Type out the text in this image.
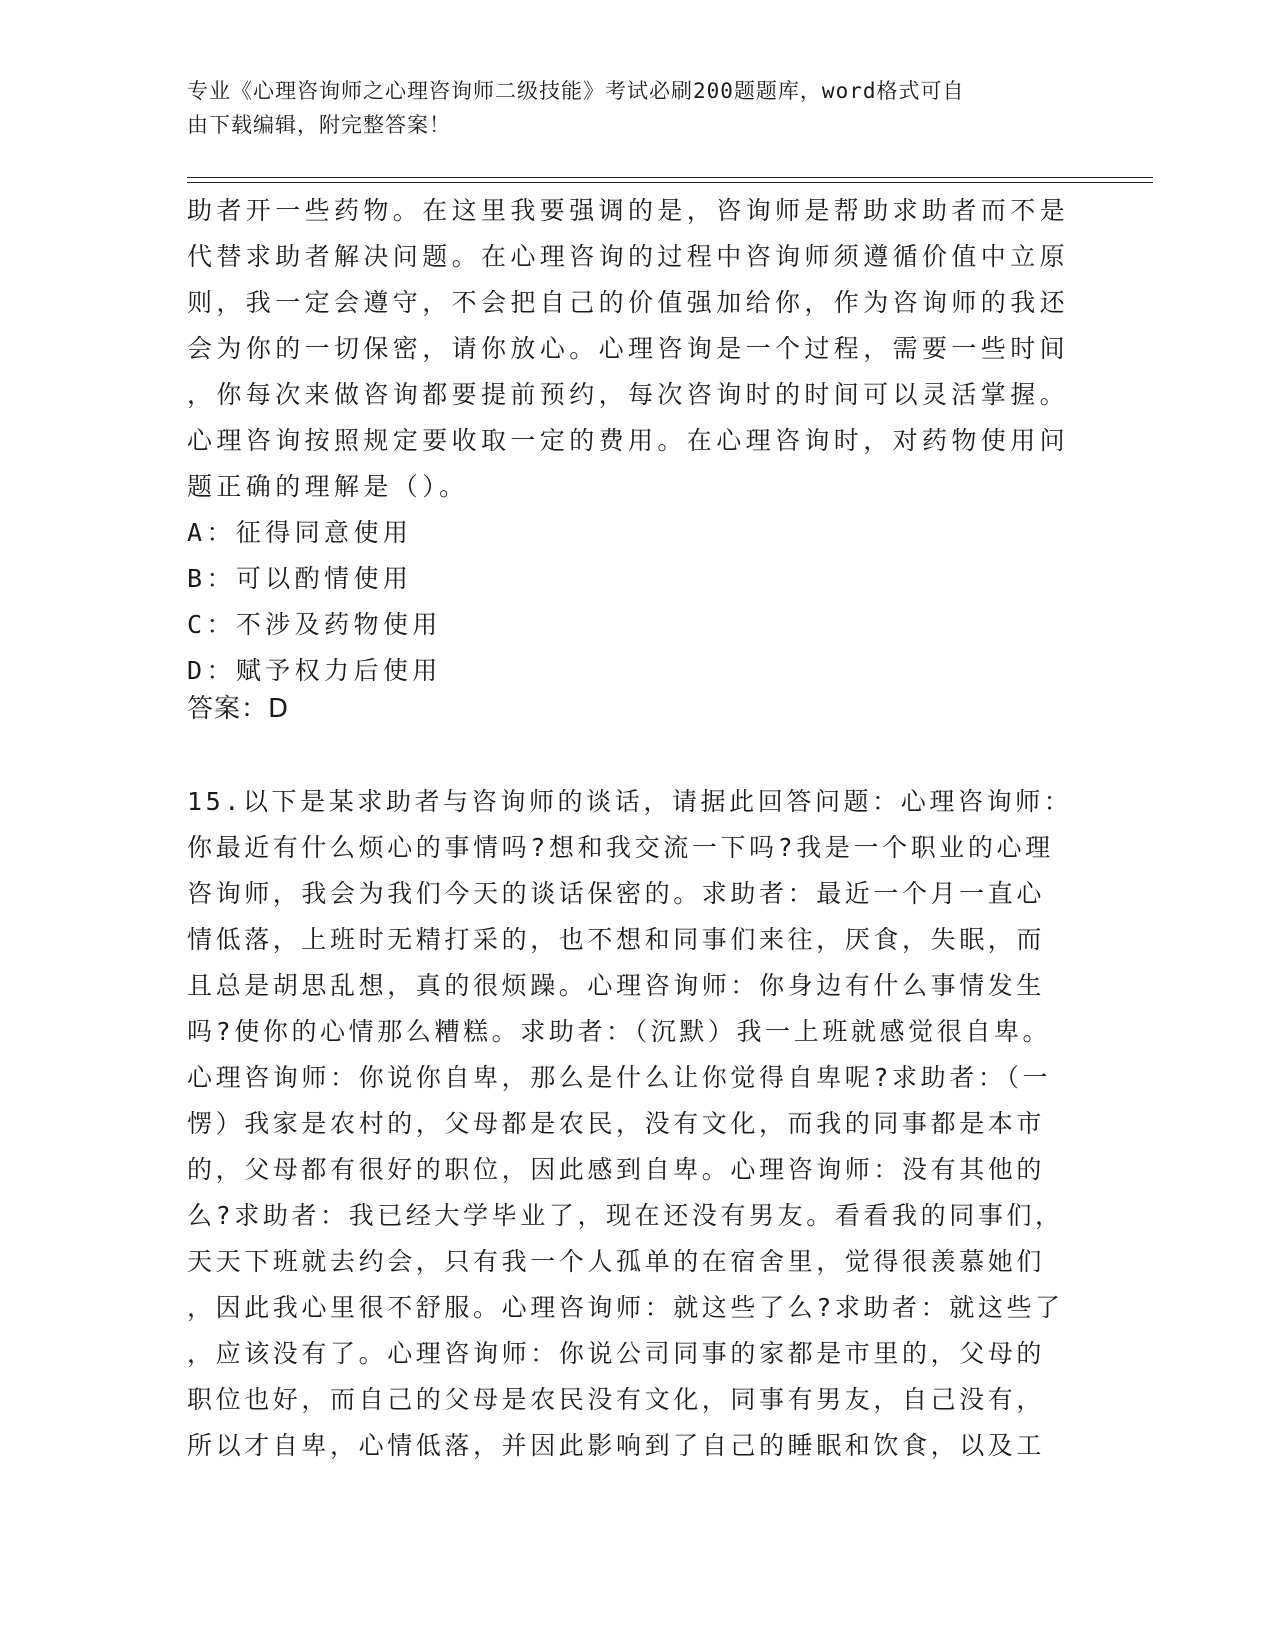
专业《心理咨询师之心理咨询师二级技能》考试必刷200题题库，word格式可自
由下载编辑，附完整答案！
助者开一些药物。在这里我要强调的是，咨询师是帮助求助者而不是
代替求助者解决问题。在心理咨询的过程中咨询师须遵循价值中立原
则，我一定会遵守，不会把自己的价值强加给你，作为咨询师的我还
会为你的一切保密，请你放心。心理咨询是一个过程，需要一些时间
，你每次来做咨询都要提前预约，每次咨询时的时间可以灵活掌握。
心理咨询按照规定要收取一定的费用。在心理咨询时，对药物使用问
题正确的理解是（）。
A：征得同意使用
B：可以酌情使用
C：不涉及药物使用
D：赋予权力后使用
答案：D
15.以下是某求助者与咨询师的谈话，请据此回答问题：心理咨询师：
你最近有什么烦心的事情吗?想和我交流一下吗?我是一个职业的心理
咨询师，我会为我们今天的谈话保密的。求助者：最近一个月一直心
情低落，上班时无精打采的，也不想和同事们来往，厌食，失眠，而
且总是胡思乱想，真的很烦躁。心理咨询师：你身边有什么事情发生
吗?使你的心情那么糟糕。求助者：（沉默）我一上班就感觉很自卑。
心理咨询师：你说你自卑，那么是什么让你觉得自卑呢?求助者：（一
愣）我家是农村的，父母都是农民，没有文化，而我的同事都是本市
的，父母都有很好的职位，因此感到自卑。心理咨询师：没有其他的
么?求助者：我已经大学毕业了，现在还没有男友。看看我的同事们，
天天下班就去约会，只有我一个人孤单的在宿舍里，觉得很羡慕她们
，因此我心里很不舒服。心理咨询师：就这些了么?求助者：就这些了
，应该没有了。心理咨询师：你说公司同事的家都是市里的，父母的
职位也好，而自己的父母是农民没有文化，同事有男友，自己没有，
所以才自卑，心情低落，并因此影响到了自己的睡眠和饮食，以及工
